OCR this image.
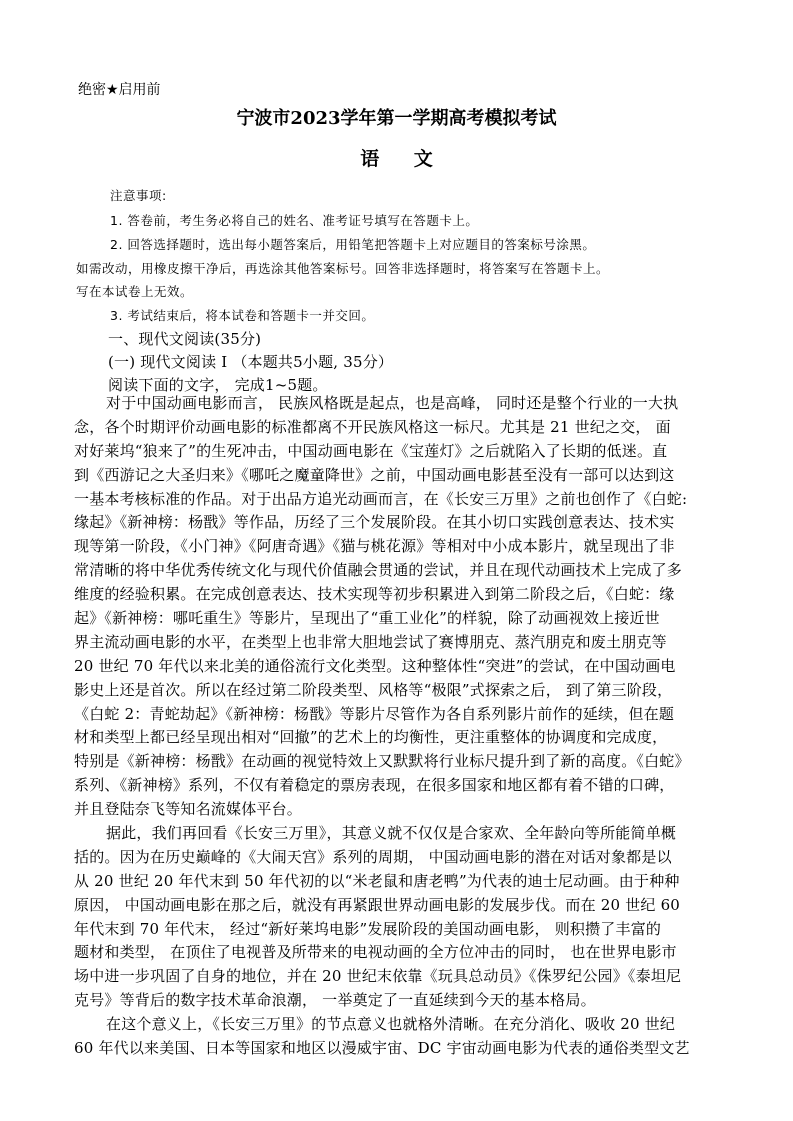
绝密★启用前
宁波市2023学年第一学期高考模拟考试
语 文
注意事项:
1. 答卷前，考生务必将自己的姓名、准考证号填写在答题卡上。
2. 回答选择题时，选出每小题答案后，用铅笔把答题卡上对应题目的答案标号涂黑。
如需改动，用橡皮擦干净后，再选涂其他答案标号。回答非选择题时，将答案写在答题卡上。
写在本试卷上无效。
3. 考试结束后，将本试卷和答题卡一并交回。
一、现代文阅读(35分)
(一) 现代文阅读 I （本题共5小题, 35分）
阅读下面的文字， 完成1~5题。
对于中国动画电影而言， 民族风格既是起点，也是高峰， 同时还是整个行业的一大执
念，各个时期评价动画电影的标准都离不开民族风格这一标尺。尤其是 21 世纪之交， 面
对好莱坞“狼来了”的生死冲击，中国动画电影在《宝莲灯》之后就陷入了长期的低迷。直
到《西游记之大圣归来》《哪吒之魔童降世》之前，中国动画电影甚至没有一部可以达到这
一基本考核标准的作品。对于出品方追光动画而言，在《长安三万里》之前也创作了《白蛇:
缘起》《新神榜：杨戬》等作品，历经了三个发展阶段。在其小切口实践创意表达、技术实
现等第一阶段，《小门神》《阿唐奇遇》《猫与桃花源》等相对中小成本影片，就呈现出了非
常清晰的将中华优秀传统文化与现代价值融会贯通的尝试，并且在现代动画技术上完成了多
维度的经验积累。在完成创意表达、技术实现等初步积累进入到第二阶段之后，《白蛇：缘
起》《新神榜：哪吒重生》等影片，呈现出了“重工业化”的样貌，除了动画视效上接近世
界主流动画电影的水平，在类型上也非常大胆地尝试了赛博朋克、蒸汽朋克和废土朋克等
20 世纪 70 年代以来北美的通俗流行文化类型。这种整体性“突进”的尝试，在中国动画电
影史上还是首次。所以在经过第二阶段类型、风格等“极限”式探索之后， 到了第三阶段，
《白蛇 2：青蛇劫起》《新神榜：杨戬》等影片尽管作为各自系列影片前作的延续，但在题
材和类型上都已经呈现出相对“回撤”的艺术上的均衡性，更注重整体的协调度和完成度，
特别是《新神榜：杨戬》在动画的视觉特效上又默默将行业标尺提升到了新的高度。《白蛇》
系列、《新神榜》系列，不仅有着稳定的票房表现，在很多国家和地区都有着不错的口碑，
并且登陆奈飞等知名流媒体平台。
据此，我们再回看《长安三万里》，其意义就不仅仅是合家欢、全年龄向等所能简单概
括的。因为在历史巅峰的《大闹天宫》系列的周期， 中国动画电影的潜在对话对象都是以
从 20 世纪 20 年代末到 50 年代初的以“米老鼠和唐老鸭”为代表的迪士尼动画。由于种种
原因， 中国动画电影在那之后，就没有再紧跟世界动画电影的发展步伐。而在 20 世纪 60
年代末到 70 年代末， 经过“新好莱坞电影”发展阶段的美国动画电影， 则积攒了丰富的
题材和类型， 在顶住了电视普及所带来的电视动画的全方位冲击的同时， 也在世界电影市
场中进一步巩固了自身的地位，并在 20 世纪末依靠《玩具总动员》《侏罗纪公园》《泰坦尼
克号》等背后的数字技术革命浪潮， 一举奠定了一直延续到今天的基本格局。
在这个意义上，《长安三万里》的节点意义也就格外清晰。在充分消化、吸收 20 世纪
60 年代以来美国、日本等国家和地区以漫威宇宙、DC 宇宙动画电影为代表的通俗类型文艺
